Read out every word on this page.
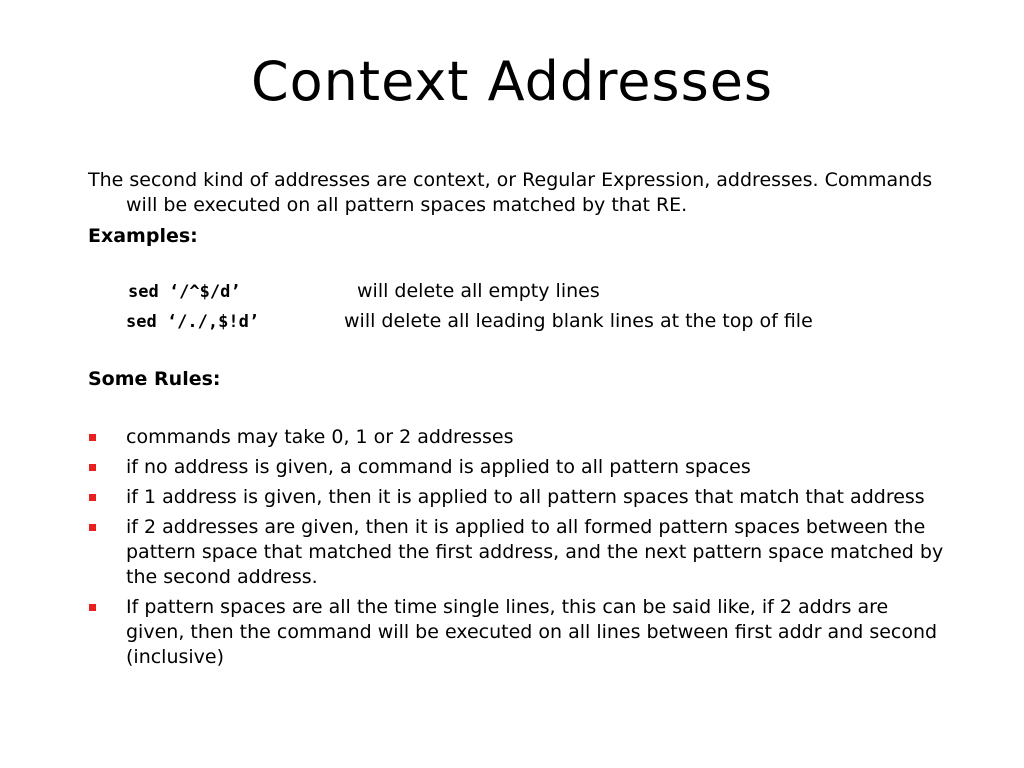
Context Addresses

The second kind of addresses are context, or Regular Expression, addresses. Commands will be executed on all pattern spaces matched by that RE.

Examples:

sed ‘/^$/d’	will delete all empty lines
sed ‘/./,$!d’	will delete all leading blank lines at the top of file

Some Rules:

commands may take 0, 1 or 2 addresses
if no address is given, a command is applied to all pattern spaces
if 1 address is given, then it is applied to all pattern spaces that match that address
if 2 addresses are given, then it is applied to all formed pattern spaces between the pattern space that matched the first address, and the next pattern space matched by the second address.
If pattern spaces are all the time single lines, this can be said like, if 2 addrs are given, then the command will be executed on all lines between first addr and second (inclusive)
